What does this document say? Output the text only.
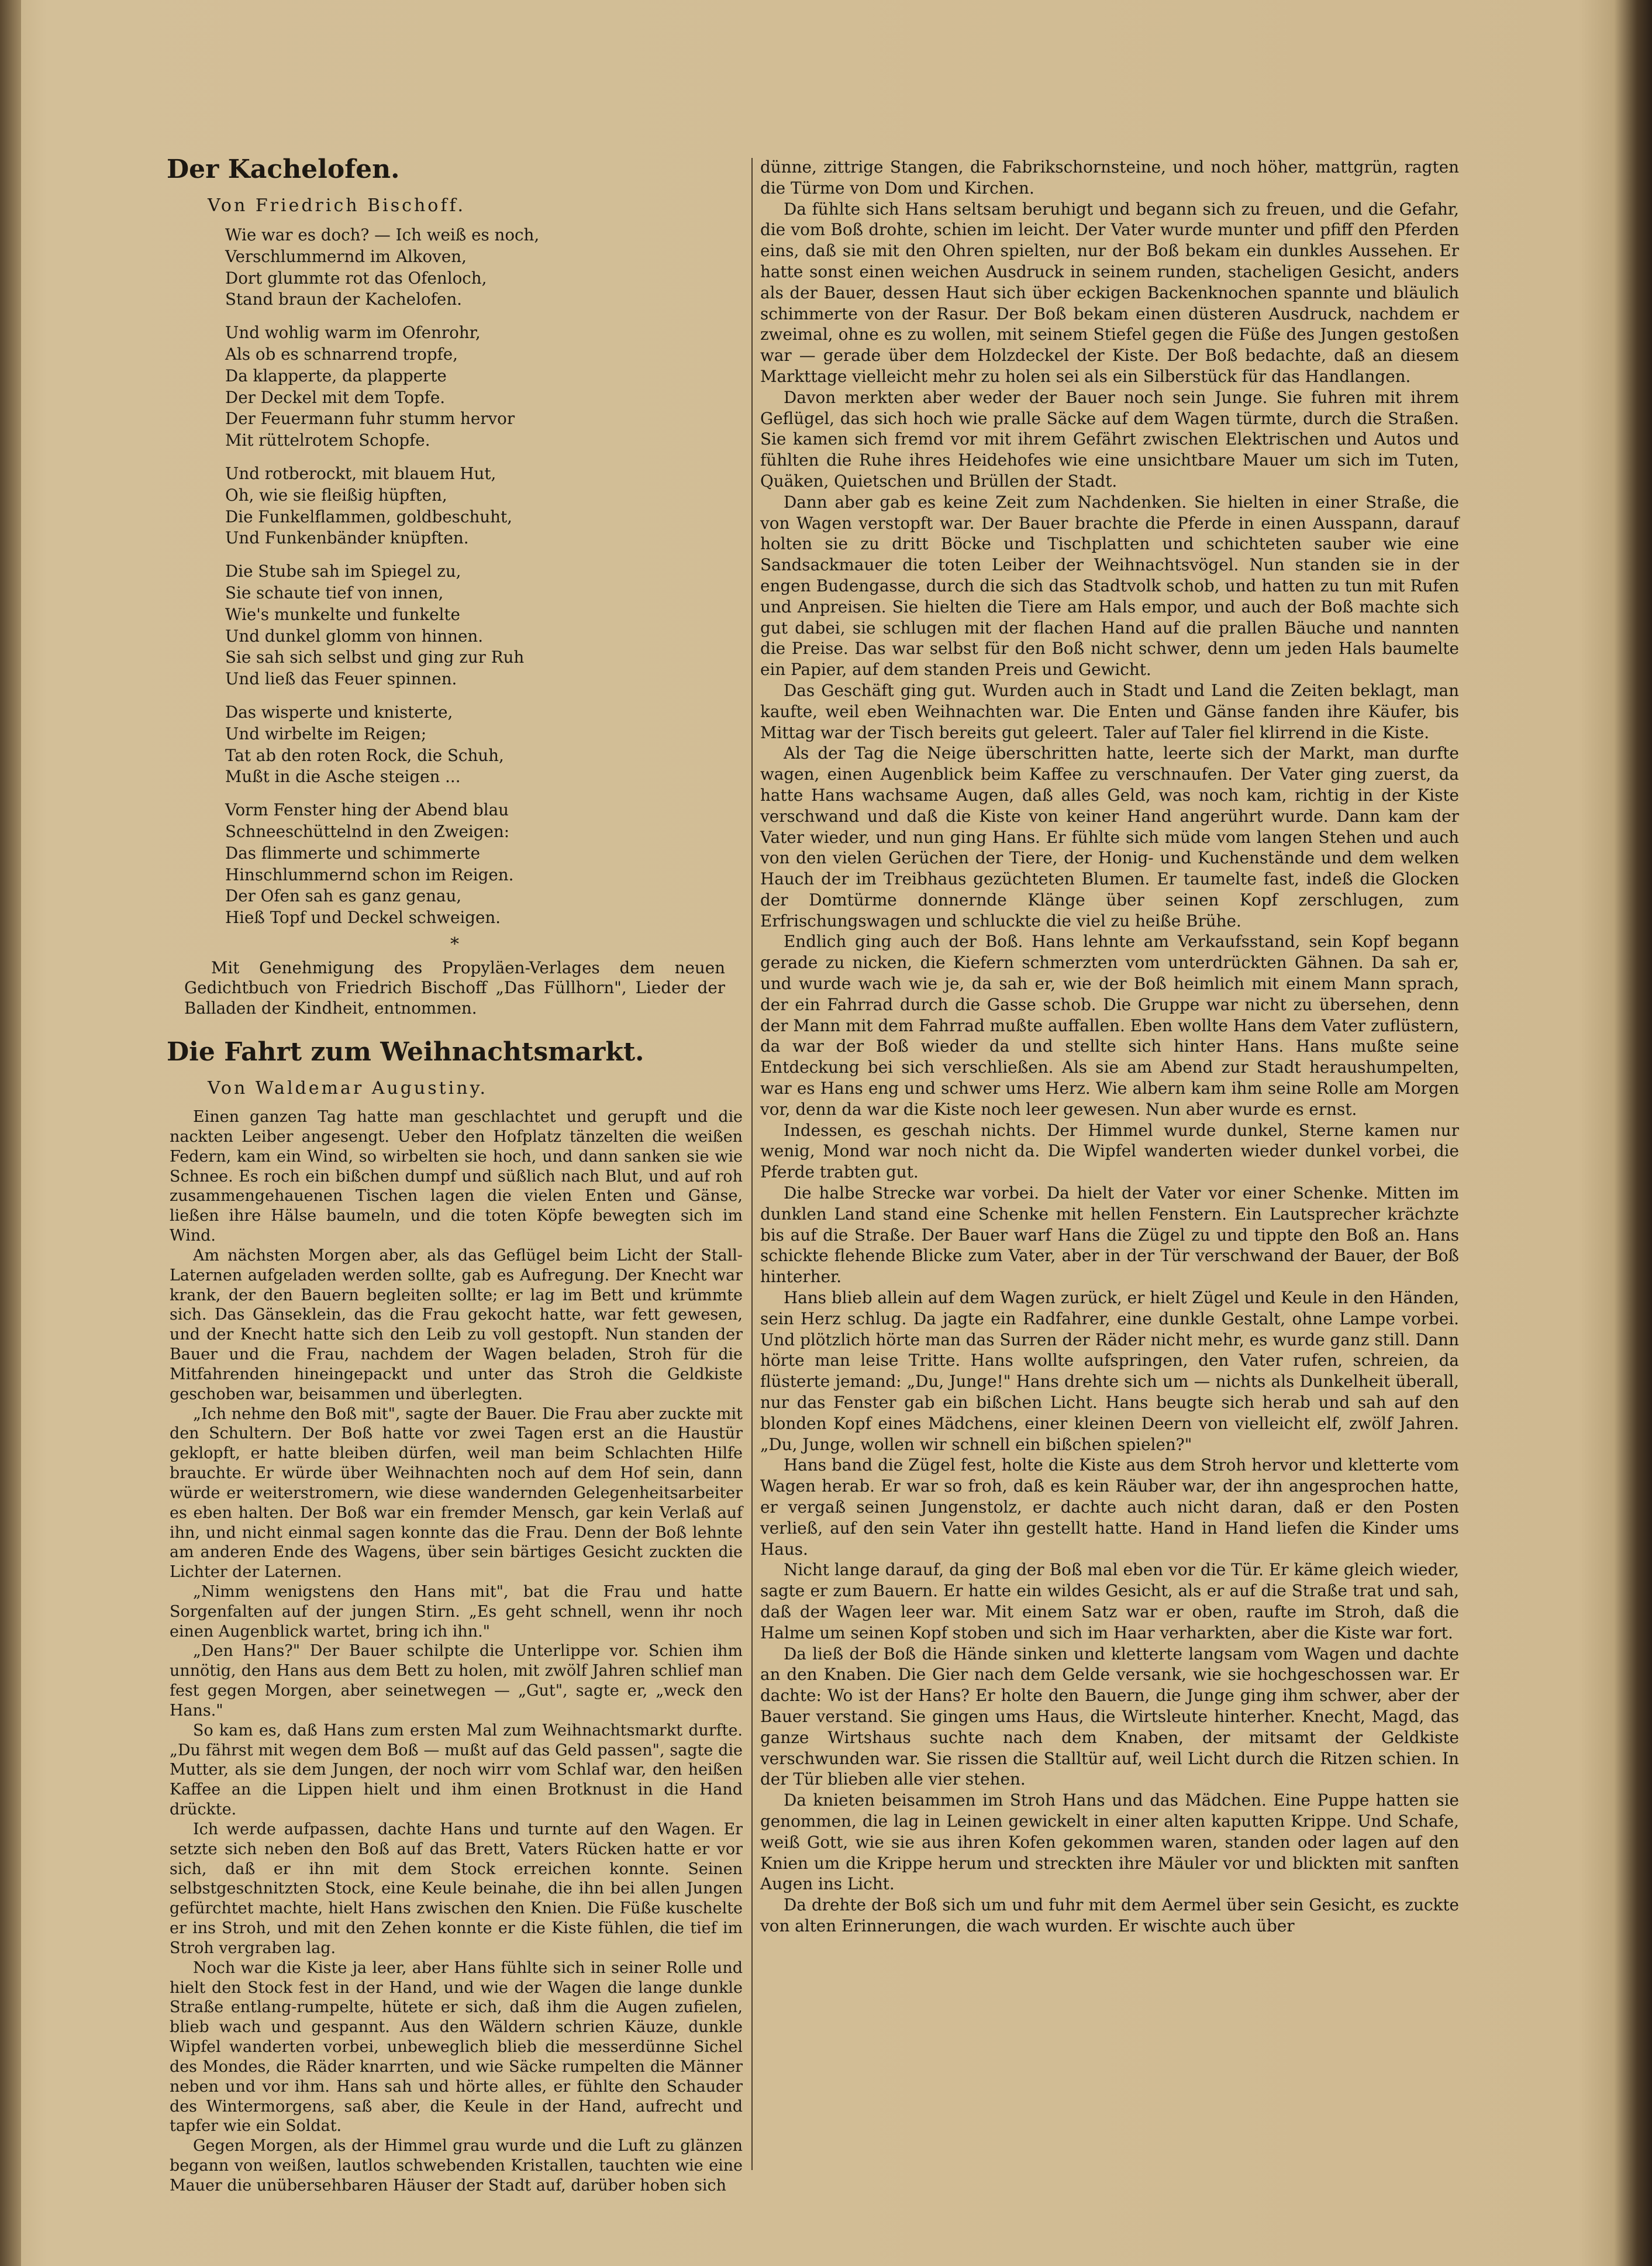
Der Kachelofen.
Von Friedrich Bischoff.
Wie war es doch? — Ich weiß es noch,
Verschlummernd im Alkoven,
Dort glummte rot das Ofenloch,
Stand braun der Kachelofen.
Und wohlig warm im Ofenrohr,
Als ob es schnarrend tropfe,
Da klapperte, da plapperte
Der Deckel mit dem Topfe.
Der Feuermann fuhr stumm hervor
Mit rüttelrotem Schopfe.
Und rotberockt, mit blauem Hut,
Oh, wie sie fleißig hüpften,
Die Funkelflammen, goldbeschuht,
Und Funkenbänder knüpften.
Die Stube sah im Spiegel zu,
Sie schaute tief von innen,
Wie's munkelte und funkelte
Und dunkel glomm von hinnen.
Sie sah sich selbst und ging zur Ruh
Und ließ das Feuer spinnen.
Das wisperte und knisterte,
Und wirbelte im Reigen;
Tat ab den roten Rock, die Schuh,
Mußt in die Asche steigen ...
Vorm Fenster hing der Abend blau
Schneeschüttelnd in den Zweigen:
Das flimmerte und schimmerte
Hinschlummernd schon im Reigen.
Der Ofen sah es ganz genau,
Hieß Topf und Deckel schweigen.
*
Mit Genehmigung des Propyläen-Verlages dem neuen Gedichtbuch von Friedrich Bischoff „Das Füllhorn", Lieder der Balladen der Kindheit, entnommen.
Die Fahrt zum Weihnachtsmarkt.
Von Waldemar Augustiny.

Einen ganzen Tag hatte man geschlachtet und gerupft und die nackten Leiber angesengt. Ueber den Hofplatz tänzelten die weißen Federn, kam ein Wind, so wirbelten sie hoch, und dann sanken sie wie Schnee. Es roch ein bißchen dumpf und süßlich nach Blut, und auf roh zusammengehauenen Tischen lagen die vielen Enten und Gänse, ließen ihre Hälse baumeln, und die toten Köpfe bewegten sich im Wind.

Am nächsten Morgen aber, als das Geflügel beim Licht der Stall-Laternen aufgeladen werden sollte, gab es Aufregung. Der Knecht war krank, der den Bauern begleiten sollte; er lag im Bett und krümmte sich. Das Gänseklein, das die Frau gekocht hatte, war fett gewesen, und der Knecht hatte sich den Leib zu voll gestopft. Nun standen der Bauer und die Frau, nachdem der Wagen beladen, Stroh für die Mitfahrenden hineingepackt und unter das Stroh die Geldkiste geschoben war, beisammen und überlegten.

„Ich nehme den Boß mit", sagte der Bauer. Die Frau aber zuckte mit den Schultern. Der Boß hatte vor zwei Tagen erst an die Haustür geklopft, er hatte bleiben dürfen, weil man beim Schlachten Hilfe brauchte. Er würde über Weihnachten noch auf dem Hof sein, dann würde er weiterstromern, wie diese wandernden Gelegenheitsarbeiter es eben halten. Der Boß war ein fremder Mensch, gar kein Verlaß auf ihn, und nicht einmal sagen konnte das die Frau. Denn der Boß lehnte am anderen Ende des Wagens, über sein bärtiges Gesicht zuckten die Lichter der Laternen.

„Nimm wenigstens den Hans mit", bat die Frau und hatte Sorgenfalten auf der jungen Stirn. „Es geht schnell, wenn ihr noch einen Augenblick wartet, bring ich ihn."

„Den Hans?" Der Bauer schilpte die Unterlippe vor. Schien ihm unnötig, den Hans aus dem Bett zu holen, mit zwölf Jahren schlief man fest gegen Morgen, aber seinetwegen — „Gut", sagte er, „weck den Hans."

So kam es, daß Hans zum ersten Mal zum Weihnachtsmarkt durfte. „Du fährst mit wegen dem Boß — mußt auf das Geld passen", sagte die Mutter, als sie dem Jungen, der noch wirr vom Schlaf war, den heißen Kaffee an die Lippen hielt und ihm einen Brotknust in die Hand drückte.

Ich werde aufpassen, dachte Hans und turnte auf den Wagen. Er setzte sich neben den Boß auf das Brett, Vaters Rücken hatte er vor sich, daß er ihn mit dem Stock erreichen konnte. Seinen selbstgeschnitzten Stock, eine Keule beinahe, die ihn bei allen Jungen gefürchtet machte, hielt Hans zwischen den Knien. Die Füße kuschelte er ins Stroh, und mit den Zehen konnte er die Kiste fühlen, die tief im Stroh vergraben lag.

Noch war die Kiste ja leer, aber Hans fühlte sich in seiner Rolle und hielt den Stock fest in der Hand, und wie der Wagen die lange dunkle Straße entlang-rumpelte, hütete er sich, daß ihm die Augen zufielen, blieb wach und gespannt. Aus den Wäldern schrien Käuze, dunkle Wipfel wanderten vorbei, unbeweglich blieb die messerdünne Sichel des Mondes, die Räder knarrten, und wie Säcke rumpelten die Männer neben und vor ihm. Hans sah und hörte alles, er fühlte den Schauder des Wintermorgens, saß aber, die Keule in der Hand, aufrecht und tapfer wie ein Soldat.

Gegen Morgen, als der Himmel grau wurde und die Luft zu glänzen begann von weißen, lautlos schwebenden Kristallen, tauchten wie eine Mauer die unübersehbaren Häuser der Stadt auf, darüber hoben sich

dünne, zittrige Stangen, die Fabrikschornsteine, und noch höher, mattgrün, ragten die Türme von Dom und Kirchen.

Da fühlte sich Hans seltsam beruhigt und begann sich zu freuen, und die Gefahr, die vom Boß drohte, schien im leicht. Der Vater wurde munter und pfiff den Pferden eins, daß sie mit den Ohren spielten, nur der Boß bekam ein dunkles Aussehen. Er hatte sonst einen weichen Ausdruck in seinem runden, stacheligen Gesicht, anders als der Bauer, dessen Haut sich über eckigen Backenknochen spannte und bläulich schimmerte von der Rasur. Der Boß bekam einen düsteren Ausdruck, nachdem er zweimal, ohne es zu wollen, mit seinem Stiefel gegen die Füße des Jungen gestoßen war — gerade über dem Holzdeckel der Kiste. Der Boß bedachte, daß an diesem Markttage vielleicht mehr zu holen sei als ein Silberstück für das Handlangen.

Davon merkten aber weder der Bauer noch sein Junge. Sie fuhren mit ihrem Geflügel, das sich hoch wie pralle Säcke auf dem Wagen türmte, durch die Straßen. Sie kamen sich fremd vor mit ihrem Gefährt zwischen Elektrischen und Autos und fühlten die Ruhe ihres Heidehofes wie eine unsichtbare Mauer um sich im Tuten, Quäken, Quietschen und Brüllen der Stadt.

Dann aber gab es keine Zeit zum Nachdenken. Sie hielten in einer Straße, die von Wagen verstopft war. Der Bauer brachte die Pferde in einen Ausspann, darauf holten sie zu dritt Böcke und Tischplatten und schichteten sauber wie eine Sandsackmauer die toten Leiber der Weihnachtsvögel. Nun standen sie in der engen Budengasse, durch die sich das Stadtvolk schob, und hatten zu tun mit Rufen und Anpreisen. Sie hielten die Tiere am Hals empor, und auch der Boß machte sich gut dabei, sie schlugen mit der flachen Hand auf die prallen Bäuche und nannten die Preise. Das war selbst für den Boß nicht schwer, denn um jeden Hals baumelte ein Papier, auf dem standen Preis und Gewicht.

Das Geschäft ging gut. Wurden auch in Stadt und Land die Zeiten beklagt, man kaufte, weil eben Weihnachten war. Die Enten und Gänse fanden ihre Käufer, bis Mittag war der Tisch bereits gut geleert. Taler auf Taler fiel klirrend in die Kiste.

Als der Tag die Neige überschritten hatte, leerte sich der Markt, man durfte wagen, einen Augenblick beim Kaffee zu verschnaufen. Der Vater ging zuerst, da hatte Hans wachsame Augen, daß alles Geld, was noch kam, richtig in der Kiste verschwand und daß die Kiste von keiner Hand angerührt wurde. Dann kam der Vater wieder, und nun ging Hans. Er fühlte sich müde vom langen Stehen und auch von den vielen Gerüchen der Tiere, der Honig- und Kuchenstände und dem welken Hauch der im Treibhaus gezüchteten Blumen. Er taumelte fast, indeß die Glocken der Domtürme donnernde Klänge über seinen Kopf zerschlugen, zum Erfrischungswagen und schluckte die viel zu heiße Brühe.

Endlich ging auch der Boß. Hans lehnte am Verkaufsstand, sein Kopf begann gerade zu nicken, die Kiefern schmerzten vom unterdrückten Gähnen. Da sah er, und wurde wach wie je, da sah er, wie der Boß heimlich mit einem Mann sprach, der ein Fahrrad durch die Gasse schob. Die Gruppe war nicht zu übersehen, denn der Mann mit dem Fahrrad mußte auffallen. Eben wollte Hans dem Vater zuflüstern, da war der Boß wieder da und stellte sich hinter Hans. Hans mußte seine Entdeckung bei sich verschließen. Als sie am Abend zur Stadt heraushumpelten, war es Hans eng und schwer ums Herz. Wie albern kam ihm seine Rolle am Morgen vor, denn da war die Kiste noch leer gewesen. Nun aber wurde es ernst.

Indessen, es geschah nichts. Der Himmel wurde dunkel, Sterne kamen nur wenig, Mond war noch nicht da. Die Wipfel wanderten wieder dunkel vorbei, die Pferde trabten gut.

Die halbe Strecke war vorbei. Da hielt der Vater vor einer Schenke. Mitten im dunklen Land stand eine Schenke mit hellen Fenstern. Ein Lautsprecher krächzte bis auf die Straße. Der Bauer warf Hans die Zügel zu und tippte den Boß an. Hans schickte flehende Blicke zum Vater, aber in der Tür verschwand der Bauer, der Boß hinterher.

Hans blieb allein auf dem Wagen zurück, er hielt Zügel und Keule in den Händen, sein Herz schlug. Da jagte ein Radfahrer, eine dunkle Gestalt, ohne Lampe vorbei. Und plötzlich hörte man das Surren der Räder nicht mehr, es wurde ganz still. Dann hörte man leise Tritte. Hans wollte aufspringen, den Vater rufen, schreien, da flüsterte jemand: „Du, Junge!" Hans drehte sich um — nichts als Dunkelheit überall, nur das Fenster gab ein bißchen Licht. Hans beugte sich herab und sah auf den blonden Kopf eines Mädchens, einer kleinen Deern von vielleicht elf, zwölf Jahren. „Du, Junge, wollen wir schnell ein bißchen spielen?"

Hans band die Zügel fest, holte die Kiste aus dem Stroh hervor und kletterte vom Wagen herab. Er war so froh, daß es kein Räuber war, der ihn angesprochen hatte, er vergaß seinen Jungenstolz, er dachte auch nicht daran, daß er den Posten verließ, auf den sein Vater ihn gestellt hatte. Hand in Hand liefen die Kinder ums Haus.

Nicht lange darauf, da ging der Boß mal eben vor die Tür. Er käme gleich wieder, sagte er zum Bauern. Er hatte ein wildes Gesicht, als er auf die Straße trat und sah, daß der Wagen leer war. Mit einem Satz war er oben, raufte im Stroh, daß die Halme um seinen Kopf stoben und sich im Haar verharkten, aber die Kiste war fort.

Da ließ der Boß die Hände sinken und kletterte langsam vom Wagen und dachte an den Knaben. Die Gier nach dem Gelde versank, wie sie hochgeschossen war. Er dachte: Wo ist der Hans? Er holte den Bauern, die Junge ging ihm schwer, aber der Bauer verstand. Sie gingen ums Haus, die Wirtsleute hinterher. Knecht, Magd, das ganze Wirtshaus suchte nach dem Knaben, der mitsamt der Geldkiste verschwunden war. Sie rissen die Stalltür auf, weil Licht durch die Ritzen schien. In der Tür blieben alle vier stehen.

Da knieten beisammen im Stroh Hans und das Mädchen. Eine Puppe hatten sie genommen, die lag in Leinen gewickelt in einer alten kaputten Krippe. Und Schafe, weiß Gott, wie sie aus ihren Kofen gekommen waren, standen oder lagen auf den Knien um die Krippe herum und streckten ihre Mäuler vor und blickten mit sanften Augen ins Licht.

Da drehte der Boß sich um und fuhr mit dem Aermel über sein Gesicht, es zuckte von alten Erinnerungen, die wach wurden. Er wischte auch über
